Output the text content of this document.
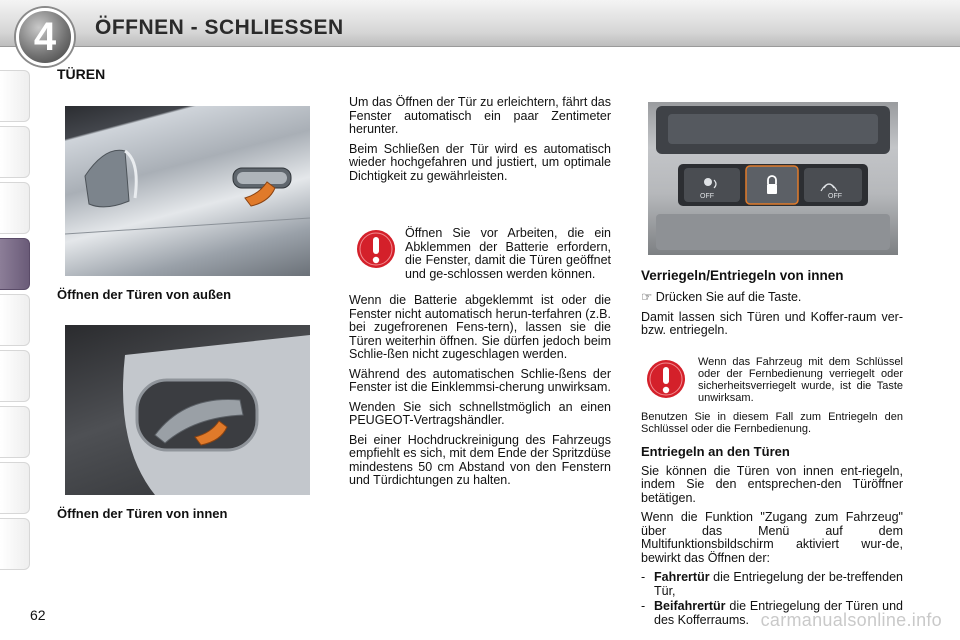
4	ÖFFNEN - SCHLIESSEN
TÜREN

Öffnen der Türen von außen

Öffnen der Türen von innen

Um das Öffnen der Tür zu erleichtern, fährt das Fenster automatisch ein paar Zentimeter herunter.

Beim Schließen der Tür wird es automatisch wieder hochgefahren und justiert, um optimale Dichtigkeit zu gewährleisten.

Öffnen Sie vor Arbeiten, die ein Abklemmen der Batterie erfordern, die Fenster, damit die Türen geöffnet und ge-schlossen werden können.

Wenn die Batterie abgeklemmt ist oder die Fenster nicht automatisch herun-terfahren (z.B. bei zugefrorenen Fens-tern), lassen sie die Türen weiterhin öffnen. Sie dürfen jedoch beim Schlie-ßen nicht zugeschlagen werden.

Während des automatischen Schlie-ßens der Fenster ist die Einklemmsi-cherung unwirksam.

Wenden Sie sich schnellstmöglich an einen PEUGEOT-Vertragshändler.

Bei einer Hochdruckreinigung des Fahrzeugs empfiehlt es sich, mit dem Ende der Spritzdüse mindestens 50 cm Abstand von den Fenstern und Türdichtungen zu halten.

OFF	OFF

Verriegeln/Entriegeln von innen

☞ Drücken Sie auf die Taste.

Damit lassen sich Türen und Koffer-raum ver- bzw. entriegeln.

Wenn das Fahrzeug mit dem Schlüssel oder der Fernbedienung verriegelt oder sicherheitsverriegelt wurde, ist die Taste unwirksam.

Benutzen Sie in diesem Fall zum Entriegeln den Schlüssel oder die Fernbedienung.

Entriegeln an den Türen

Sie können die Türen von innen ent-riegeln, indem Sie den entsprechen-den Türöffner betätigen.

Wenn die Funktion "Zugang zum Fahrzeug" über das Menü auf dem Multifunktionsbildschirm aktiviert wur-de, bewirkt das Öffnen der:

- Fahrertür die Entriegelung der be-treffenden Tür,
- Beifahrertür die Entriegelung der Türen und des Kofferraums.

62	carmanualsonline.info
